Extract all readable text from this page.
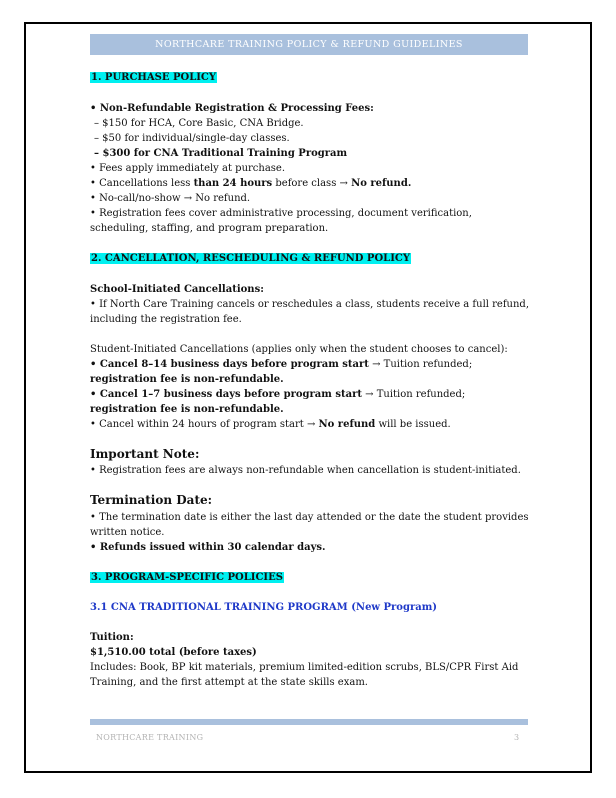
NORTHCARE TRAINING POLICY & REFUND GUIDELINES
1. PURCHASE POLICY
• Non-Refundable Registration & Processing Fees:
– $150 for HCA, Core Basic, CNA Bridge.
– $50 for individual/single-day classes.
– $300 for CNA Traditional Training Program
• Fees apply immediately at purchase.
• Cancellations less than 24 hours before class → No refund.
• No-call/no-show → No refund.
• Registration fees cover administrative processing, document verification, scheduling, staffing, and program preparation.
2. CANCELLATION, RESCHEDULING & REFUND POLICY
School-Initiated Cancellations:
• If North Care Training cancels or reschedules a class, students receive a full refund, including the registration fee.
Student-Initiated Cancellations (applies only when the student chooses to cancel):
• Cancel 8–14 business days before program start → Tuition refunded; registration fee is non-refundable.
• Cancel 1–7 business days before program start → Tuition refunded; registration fee is non-refundable.
• Cancel within 24 hours of program start → No refund will be issued.
Important Note:
• Registration fees are always non-refundable when cancellation is student-initiated.
Termination Date:
• The termination date is either the last day attended or the date the student provides written notice.
• Refunds issued within 30 calendar days.
3. PROGRAM-SPECIFIC POLICIES
3.1 CNA TRADITIONAL TRAINING PROGRAM (New Program)
Tuition:
$1,510.00 total (before taxes)
Includes: Book, BP kit materials, premium limited-edition scrubs, BLS/CPR First Aid Training, and the first attempt at the state skills exam.
NORTHCARE TRAINING	3
